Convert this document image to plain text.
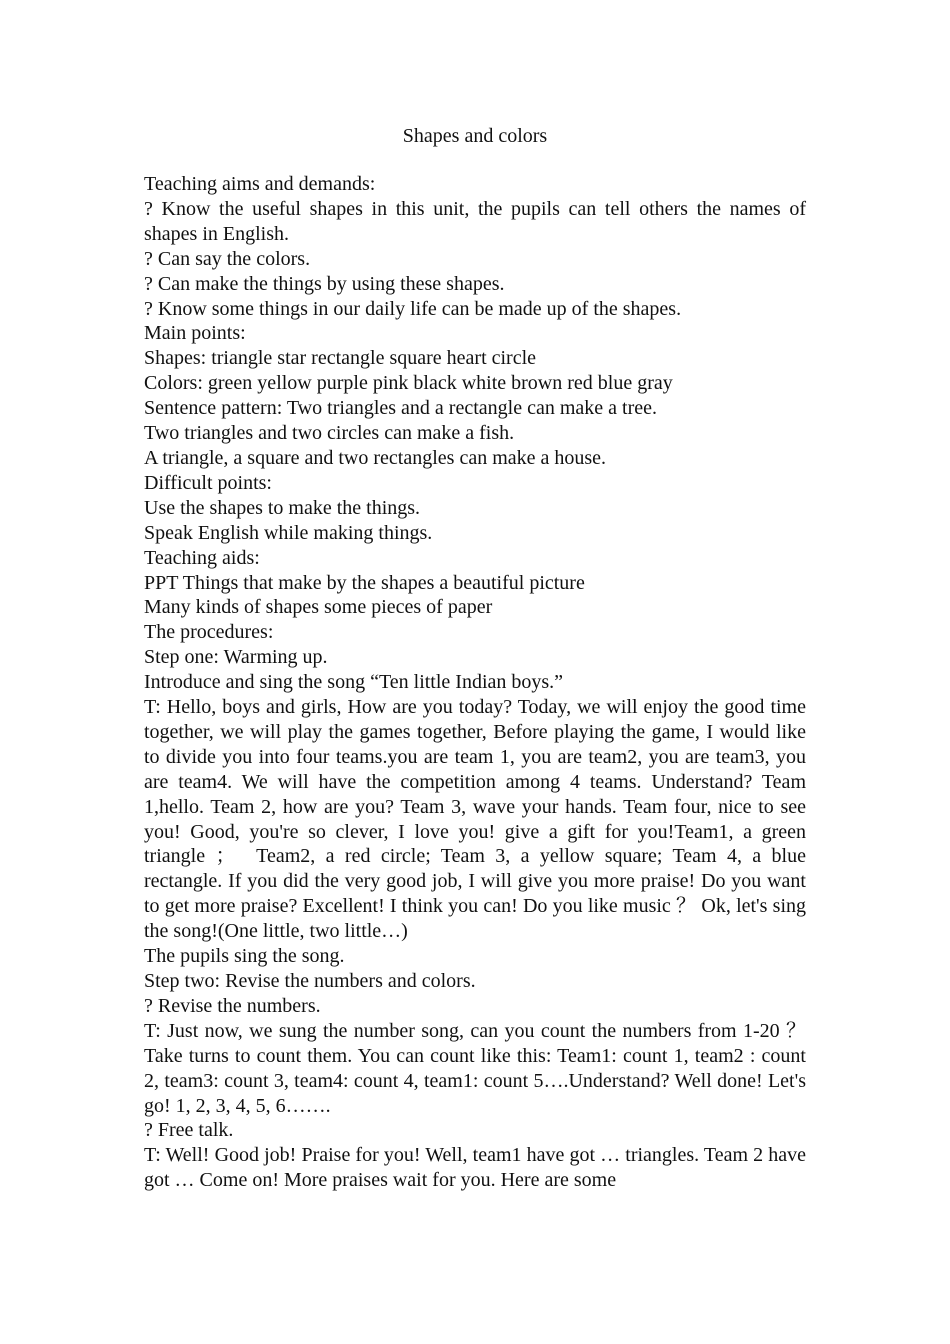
Shapes and colors
Teaching aims and demands:
? Know the useful shapes in this unit, the pupils can tell others the names of shapes in English.
? Can say the colors.
? Can make the things by using these shapes.
? Know some things in our daily life can be made up of the shapes.
Main points:
Shapes: triangle star rectangle square heart circle
Colors: green yellow purple pink black white brown red blue gray
Sentence pattern: Two triangles and a rectangle can make a tree.
Two triangles and two circles can make a fish.
A triangle, a square and two rectangles can make a house.
Difficult points:
Use the shapes to make the things.
Speak English while making things.
Teaching aids:
PPT Things that make by the shapes a beautiful picture
Many kinds of shapes some pieces of paper
The procedures:
Step one: Warming up.
Introduce and sing the song “Ten little Indian boys.”
T: Hello, boys and girls, How are you today? Today, we will enjoy the good time together, we will play the games together, Before playing the game, I would like to divide you into four teams.you are team 1, you are team2, you are team3, you are team4. We will have the competition among 4 teams. Understand? Team 1,hello. Team 2, how are you? Team 3, wave your hands. Team four, nice to see you! Good, you're so clever, I love you! give a gift for you!Team1, a green triangle ；　Team2, a red circle; Team 3, a yellow square; Team 4, a blue rectangle. If you did the very good job, I will give you more praise! Do you want to get more praise? Excellent! I think you can! Do you like music ？ Ok, let's sing the song!(One little, two little…)
The pupils sing the song.
Step two: Revise the numbers and colors.
? Revise the numbers.
T: Just now, we sung the number song, can you count the numbers from 1-20 ？ Take turns to count them. You can count like this: Team1: count 1, team2 : count 2, team3: count 3, team4: count 4, team1: count 5….Understand? Well done! Let's go! 1, 2, 3, 4, 5, 6…….
? Free talk.
T: Well! Good job! Praise for you! Well, team1 have got … triangles. Team 2 have got … Come on! More praises wait for you. Here are some
